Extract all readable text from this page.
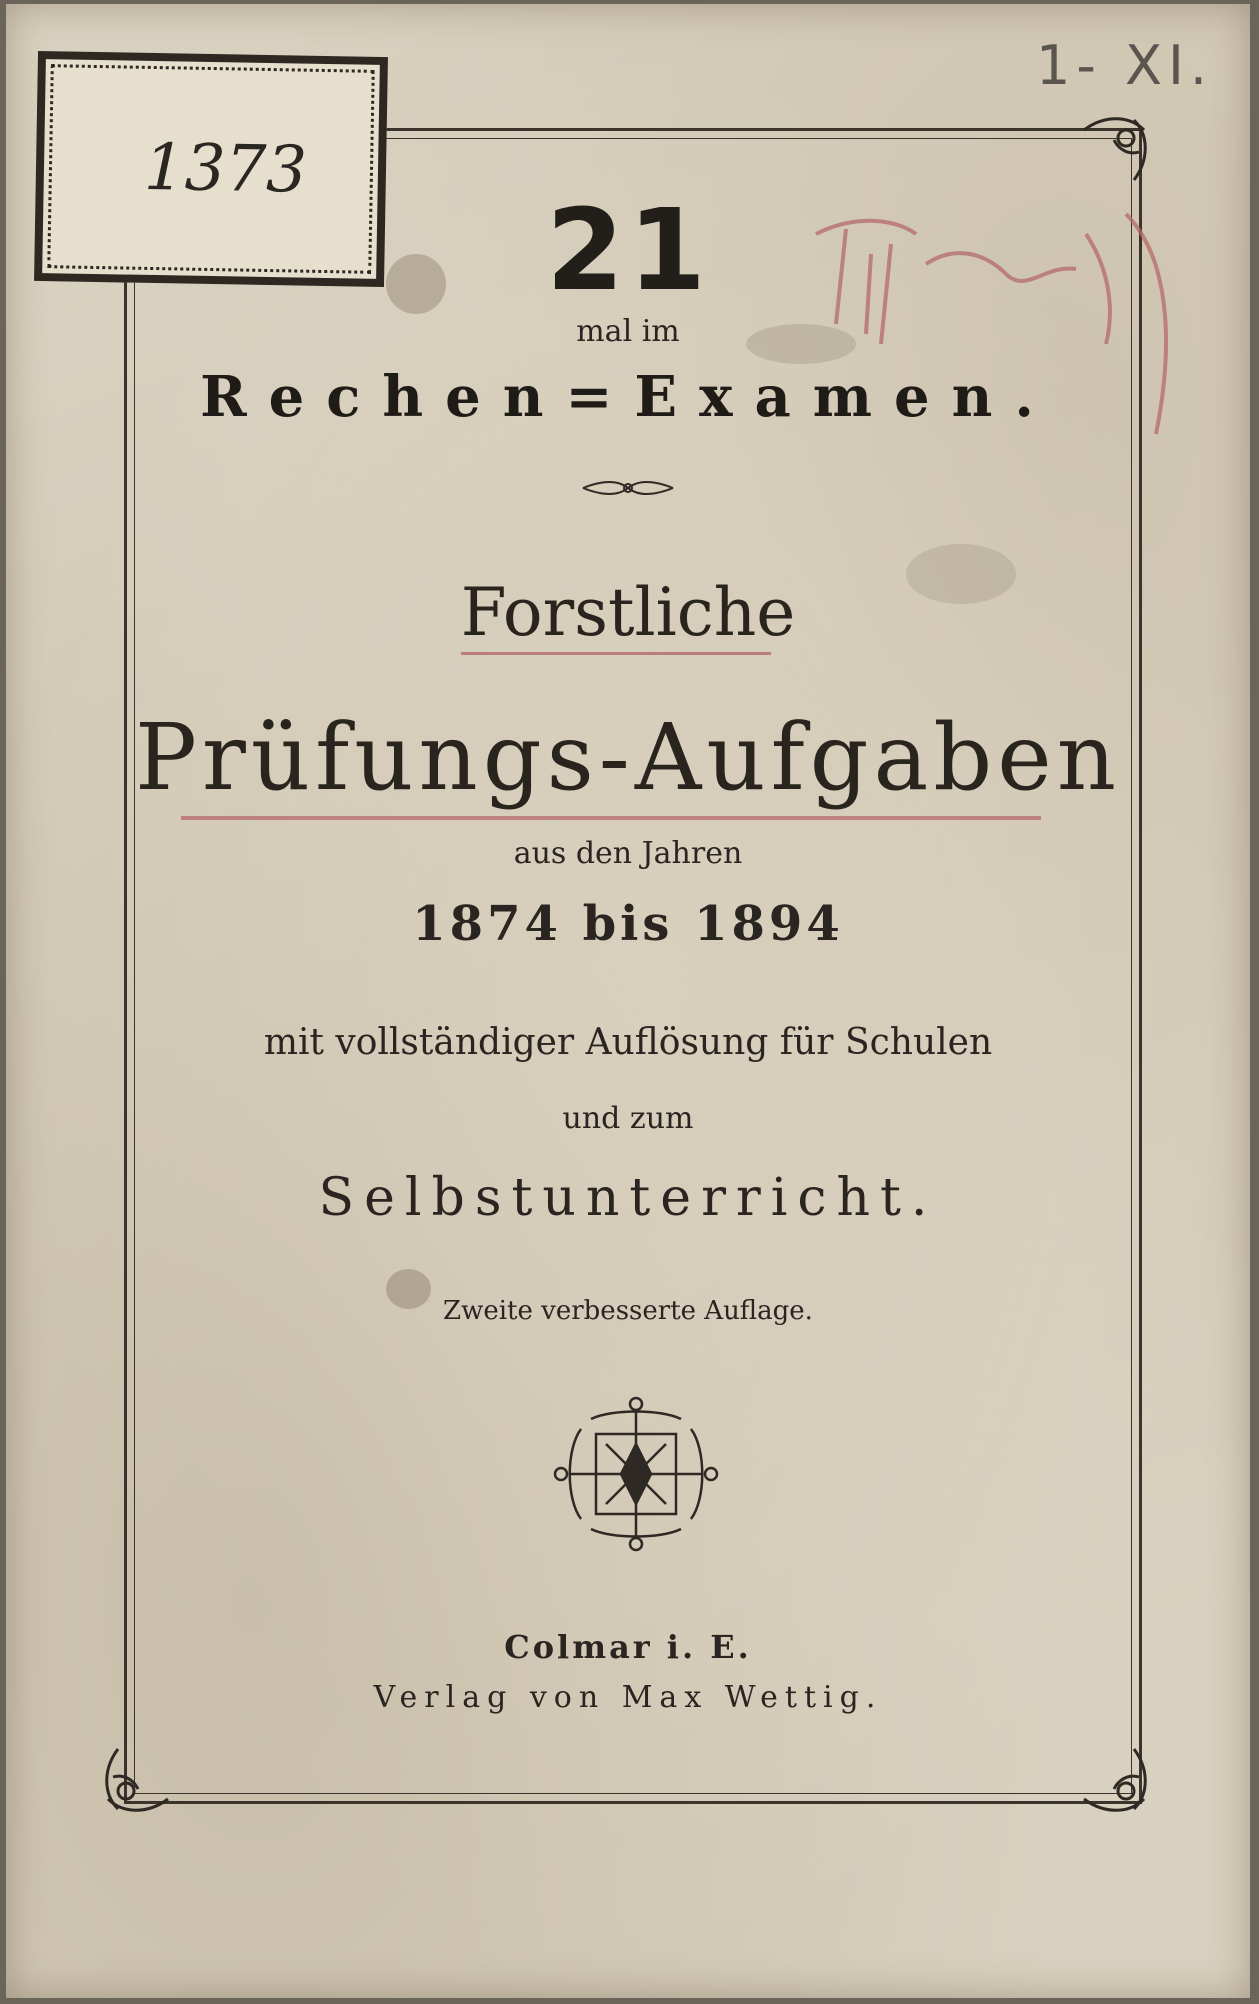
1373
1- XI.
21
mal im
Rechen=Examen.
Forstliche
Prüfungs-Aufgaben
aus den Jahren
1874 bis 1894
mit vollständiger Auflösung für Schulen
und zum
Selbstunterricht.
Zweite verbesserte Auflage.
Colmar i. E.
Verlag von Max Wettig.
